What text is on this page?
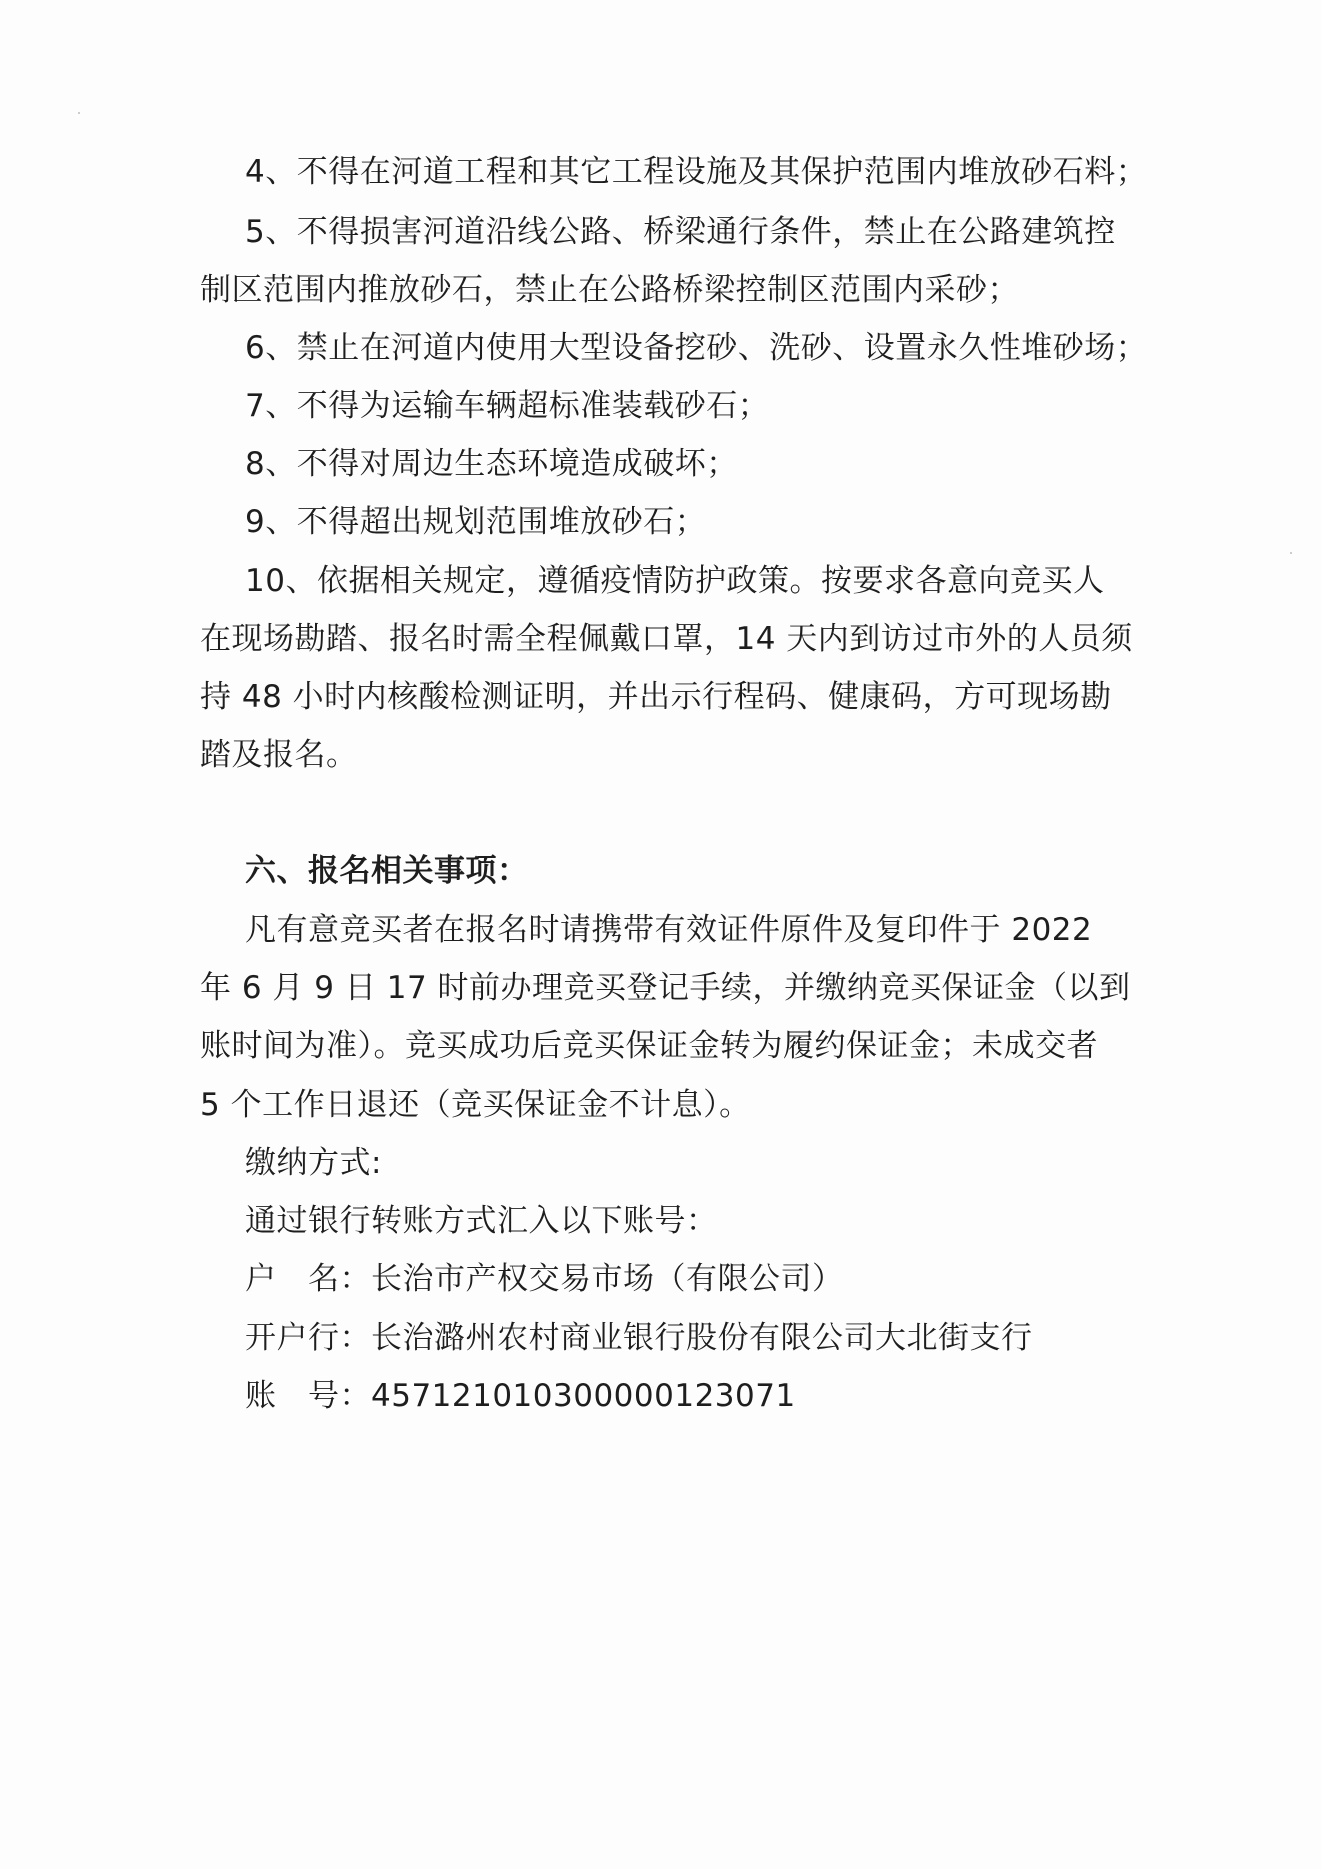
4、不得在河道工程和其它工程设施及其保护范围内堆放砂石料；
5、不得损害河道沿线公路、桥梁通行条件，禁止在公路建筑控
制区范围内推放砂石，禁止在公路桥梁控制区范围内采砂；
6、禁止在河道内使用大型设备挖砂、洗砂、设置永久性堆砂场；
7、不得为运输车辆超标准装载砂石；
8、不得对周边生态环境造成破坏；
9、不得超出规划范围堆放砂石；
10、依据相关规定，遵循疫情防护政策。按要求各意向竞买人
在现场勘踏、报名时需全程佩戴口罩，14 天内到访过市外的人员须
持 48 小时内核酸检测证明，并出示行程码、健康码，方可现场勘
踏及报名。
六、报名相关事项：
凡有意竞买者在报名时请携带有效证件原件及复印件于 2022
年 6 月 9 日 17 时前办理竞买登记手续，并缴纳竞买保证金（以到
账时间为准）。竞买成功后竞买保证金转为履约保证金；未成交者
5 个工作日退还（竞买保证金不计息）。
缴纳方式:
通过银行转账方式汇入以下账号：
户　名：长治市产权交易市场（有限公司）
开户行：长治潞州农村商业银行股份有限公司大北街支行
账　号：457121010300000123071
